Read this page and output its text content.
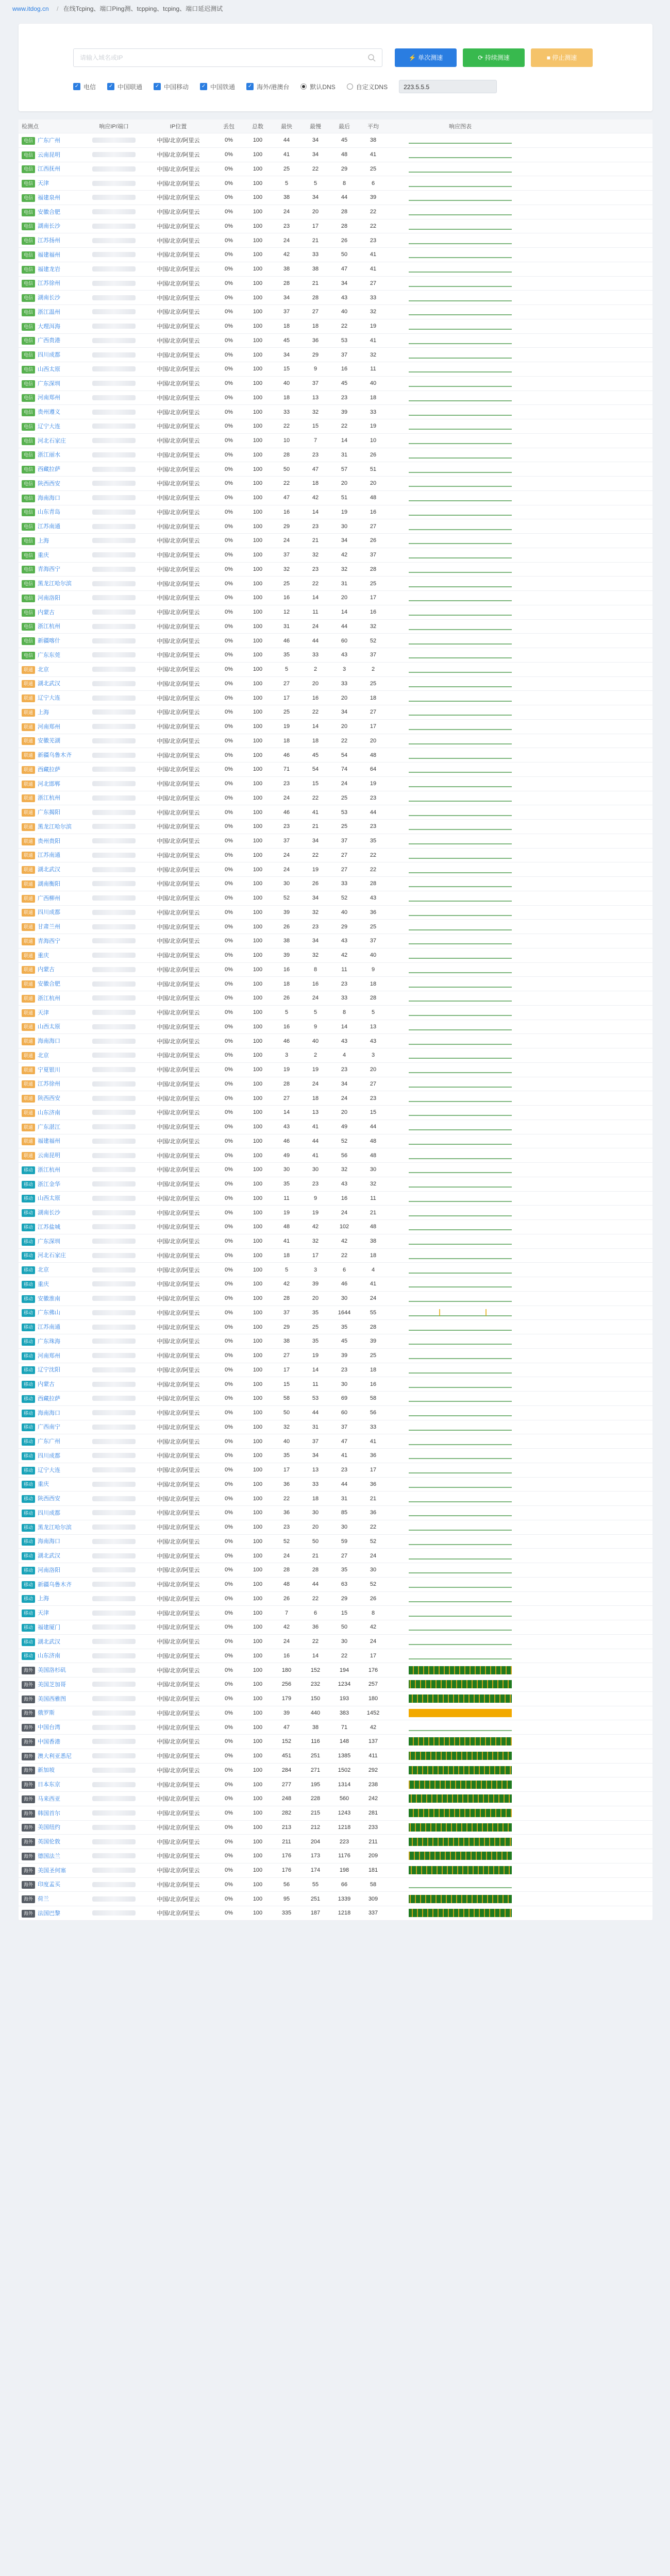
www.itdog.cn / 在线Tcping、端口Ping测、tcpping、tcping、端口延迟测试
请输入域名或IP
⚡ 单次测速	⟳ 持续测速	■ 停止测速
✓ 电信 ✓ 中国联通 ✓ 中国移动 ✓ 中国铁通 ✓ 海外/港澳台	默认DNS	自定义DNS	223.5.5.5
检测点	响应IP/端口	IP位置	丢包	总数	最快	最慢	最后	平均	响应图表
电信 广东广州	中国/北京/阿里云	0%	100	44	34	45	38
电信 云南昆明	中国/北京/阿里云	0%	100	41	34	48	41
电信 江西抚州	中国/北京/阿里云	0%	100	25	22	29	25
电信 天津	中国/北京/阿里云	0%	100	5	5	8	6
电信 福建泉州	中国/北京/阿里云	0%	100	38	34	44	39
电信 安徽合肥	中国/北京/阿里云	0%	100	24	20	28	22
电信 湖南长沙	中国/北京/阿里云	0%	100	23	17	28	22
电信 江苏扬州	中国/北京/阿里云	0%	100	24	21	26	23
电信 福建福州	中国/北京/阿里云	0%	100	42	33	50	41
电信 福建龙岩	中国/北京/阿里云	0%	100	38	38	47	41
电信 江苏徐州	中国/北京/阿里云	0%	100	28	21	34	27
电信 湖南长沙	中国/北京/阿里云	0%	100	34	28	43	33
电信 浙江温州	中国/北京/阿里云	0%	100	37	27	40	32
电信 大理洱海	中国/北京/阿里云	0%	100	18	18	22	19
电信 广西贵港	中国/北京/阿里云	0%	100	45	36	53	41
电信 四川成都	中国/北京/阿里云	0%	100	34	29	37	32
电信 山西太原	中国/北京/阿里云	0%	100	15	9	16	11
电信 广东深圳	中国/北京/阿里云	0%	100	40	37	45	40
电信 河南郑州	中国/北京/阿里云	0%	100	18	13	23	18
电信 贵州遵义	中国/北京/阿里云	0%	100	33	32	39	33
电信 辽宁大连	中国/北京/阿里云	0%	100	22	15	22	19
电信 河北石家庄	中国/北京/阿里云	0%	100	10	7	14	10
电信 浙江丽水	中国/北京/阿里云	0%	100	28	23	31	26
电信 西藏拉萨	中国/北京/阿里云	0%	100	50	47	57	51
电信 陕西西安	中国/北京/阿里云	0%	100	22	18	20	20
电信 海南海口	中国/北京/阿里云	0%	100	47	42	51	48
电信 山东青岛	中国/北京/阿里云	0%	100	16	14	19	16
电信 江苏南通	中国/北京/阿里云	0%	100	29	23	30	27
电信 上海	中国/北京/阿里云	0%	100	24	21	34	26
电信 重庆	中国/北京/阿里云	0%	100	37	32	42	37
电信 青海西宁	中国/北京/阿里云	0%	100	32	23	32	28
电信 黑龙江哈尔滨	中国/北京/阿里云	0%	100	25	22	31	25
电信 河南洛阳	中国/北京/阿里云	0%	100	16	14	20	17
电信 内蒙古	中国/北京/阿里云	0%	100	12	11	14	16
电信 浙江杭州	中国/北京/阿里云	0%	100	31	24	44	32
电信 新疆喀什	中国/北京/阿里云	0%	100	46	44	60	52
电信 广东东莞	中国/北京/阿里云	0%	100	35	33	43	37
联通 北京	中国/北京/阿里云	0%	100	5	2	3	2
联通 湖北武汉	中国/北京/阿里云	0%	100	27	20	33	25
联通 辽宁大连	中国/北京/阿里云	0%	100	17	16	20	18
联通 上海	中国/北京/阿里云	0%	100	25	22	34	27
联通 河南郑州	中国/北京/阿里云	0%	100	19	14	20	17
联通 安徽芜湖	中国/北京/阿里云	0%	100	18	18	22	20
联通 新疆乌鲁木齐	中国/北京/阿里云	0%	100	46	45	54	48
联通 西藏拉萨	中国/北京/阿里云	0%	100	71	54	74	64
联通 河北邯郸	中国/北京/阿里云	0%	100	23	15	24	19
联通 浙江杭州	中国/北京/阿里云	0%	100	24	22	25	23
联通 广东揭阳	中国/北京/阿里云	0%	100	46	41	53	44
联通 黑龙江哈尔滨	中国/北京/阿里云	0%	100	23	21	25	23
联通 贵州贵阳	中国/北京/阿里云	0%	100	37	34	37	35
联通 江苏南通	中国/北京/阿里云	0%	100	24	22	27	22
联通 湖北武汉	中国/北京/阿里云	0%	100	24	19	27	22
联通 湖南衡阳	中国/北京/阿里云	0%	100	30	26	33	28
联通 广西柳州	中国/北京/阿里云	0%	100	52	34	52	43
联通 四川成都	中国/北京/阿里云	0%	100	39	32	40	36
联通 甘肃兰州	中国/北京/阿里云	0%	100	26	23	29	25
联通 青海西宁	中国/北京/阿里云	0%	100	38	34	43	37
联通 重庆	中国/北京/阿里云	0%	100	39	32	42	40
联通 内蒙古	中国/北京/阿里云	0%	100	16	8	11	9
联通 安徽合肥	中国/北京/阿里云	0%	100	18	16	23	18
联通 浙江杭州	中国/北京/阿里云	0%	100	26	24	33	28
联通 天津	中国/北京/阿里云	0%	100	5	5	8	5
联通 山西太原	中国/北京/阿里云	0%	100	16	9	14	13
联通 海南海口	中国/北京/阿里云	0%	100	46	40	43	43
联通 北京	中国/北京/阿里云	0%	100	3	2	4	3
联通 宁夏银川	中国/北京/阿里云	0%	100	19	19	23	20
联通 江苏徐州	中国/北京/阿里云	0%	100	28	24	34	27
联通 陕西西安	中国/北京/阿里云	0%	100	27	18	24	23
联通 山东济南	中国/北京/阿里云	0%	100	14	13	20	15
联通 广东湛江	中国/北京/阿里云	0%	100	43	41	49	44
联通 福建福州	中国/北京/阿里云	0%	100	46	44	52	48
联通 云南昆明	中国/北京/阿里云	0%	100	49	41	56	48
移动 浙江杭州	中国/北京/阿里云	0%	100	30	30	32	30
移动 浙江金华	中国/北京/阿里云	0%	100	35	23	43	32
移动 山西太原	中国/北京/阿里云	0%	100	11	9	16	11
移动 湖南长沙	中国/北京/阿里云	0%	100	19	19	24	21
移动 江苏盐城	中国/北京/阿里云	0%	100	48	42	102	48
移动 广东深圳	中国/北京/阿里云	0%	100	41	32	42	38
移动 河北石家庄	中国/北京/阿里云	0%	100	18	17	22	18
移动 北京	中国/北京/阿里云	0%	100	5	3	6	4
移动 重庆	中国/北京/阿里云	0%	100	42	39	46	41
移动 安徽淮南	中国/北京/阿里云	0%	100	28	20	30	24
移动 广东佛山	中国/北京/阿里云	0%	100	37	35	1644	55
移动 江苏南通	中国/北京/阿里云	0%	100	29	25	35	28
移动 广东珠海	中国/北京/阿里云	0%	100	38	35	45	39
移动 河南郑州	中国/北京/阿里云	0%	100	27	19	39	25
移动 辽宁沈阳	中国/北京/阿里云	0%	100	17	14	23	18
移动 内蒙古	中国/北京/阿里云	0%	100	15	11	30	16
移动 西藏拉萨	中国/北京/阿里云	0%	100	58	53	69	58
移动 海南海口	中国/北京/阿里云	0%	100	50	44	60	56
移动 广西南宁	中国/北京/阿里云	0%	100	32	31	37	33
移动 广东广州	中国/北京/阿里云	0%	100	40	37	47	41
移动 四川成都	中国/北京/阿里云	0%	100	35	34	41	36
移动 辽宁大连	中国/北京/阿里云	0%	100	17	13	23	17
移动 重庆	中国/北京/阿里云	0%	100	36	33	44	36
移动 陕西西安	中国/北京/阿里云	0%	100	22	18	31	21
移动 四川成都	中国/北京/阿里云	0%	100	36	30	85	36
移动 黑龙江哈尔滨	中国/北京/阿里云	0%	100	23	20	30	22
移动 海南海口	中国/北京/阿里云	0%	100	52	50	59	52
移动 湖北武汉	中国/北京/阿里云	0%	100	24	21	27	24
移动 河南洛阳	中国/北京/阿里云	0%	100	28	28	35	30
移动 新疆乌鲁木齐	中国/北京/阿里云	0%	100	48	44	63	52
移动 上海	中国/北京/阿里云	0%	100	26	22	29	26
移动 天津	中国/北京/阿里云	0%	100	7	6	15	8
移动 福建厦门	中国/北京/阿里云	0%	100	42	36	50	42
移动 湖北武汉	中国/北京/阿里云	0%	100	24	22	30	24
移动 山东济南	中国/北京/阿里云	0%	100	16	14	22	17
海外 美国洛杉矶	中国/北京/阿里云	0%	100	180	152	194	176
海外 美国芝加哥	中国/北京/阿里云	0%	100	256	232	1234	257
海外 美国西雅图	中国/北京/阿里云	0%	100	179	150	193	180
海外 俄罗斯	中国/北京/阿里云	0%	100	39	440	383	1452
海外 中国台湾	中国/北京/阿里云	0%	100	47	38	71	42
海外 中国香港	中国/北京/阿里云	0%	100	152	116	148	137
海外 澳大利亚悉尼	中国/北京/阿里云	0%	100	451	251	1385	411
海外 新加坡	中国/北京/阿里云	0%	100	284	271	1502	292
海外 日本东京	中国/北京/阿里云	0%	100	277	195	1314	238
海外 马来西亚	中国/北京/阿里云	0%	100	248	228	560	242
海外 韩国首尔	中国/北京/阿里云	0%	100	282	215	1243	281
海外 美国纽约	中国/北京/阿里云	0%	100	213	212	1218	233
海外 英国伦敦	中国/北京/阿里云	0%	100	211	204	223	211
海外 德国法兰	中国/北京/阿里云	0%	100	176	173	1176	209
海外 美国圣何塞	中国/北京/阿里云	0%	100	176	174	198	181
海外 印度孟买	中国/北京/阿里云	0%	100	56	55	66	58
海外 荷兰	中国/北京/阿里云	0%	100	95	251	1339	309
海外 法国巴黎	中国/北京/阿里云	0%	100	335	187	1218	337
